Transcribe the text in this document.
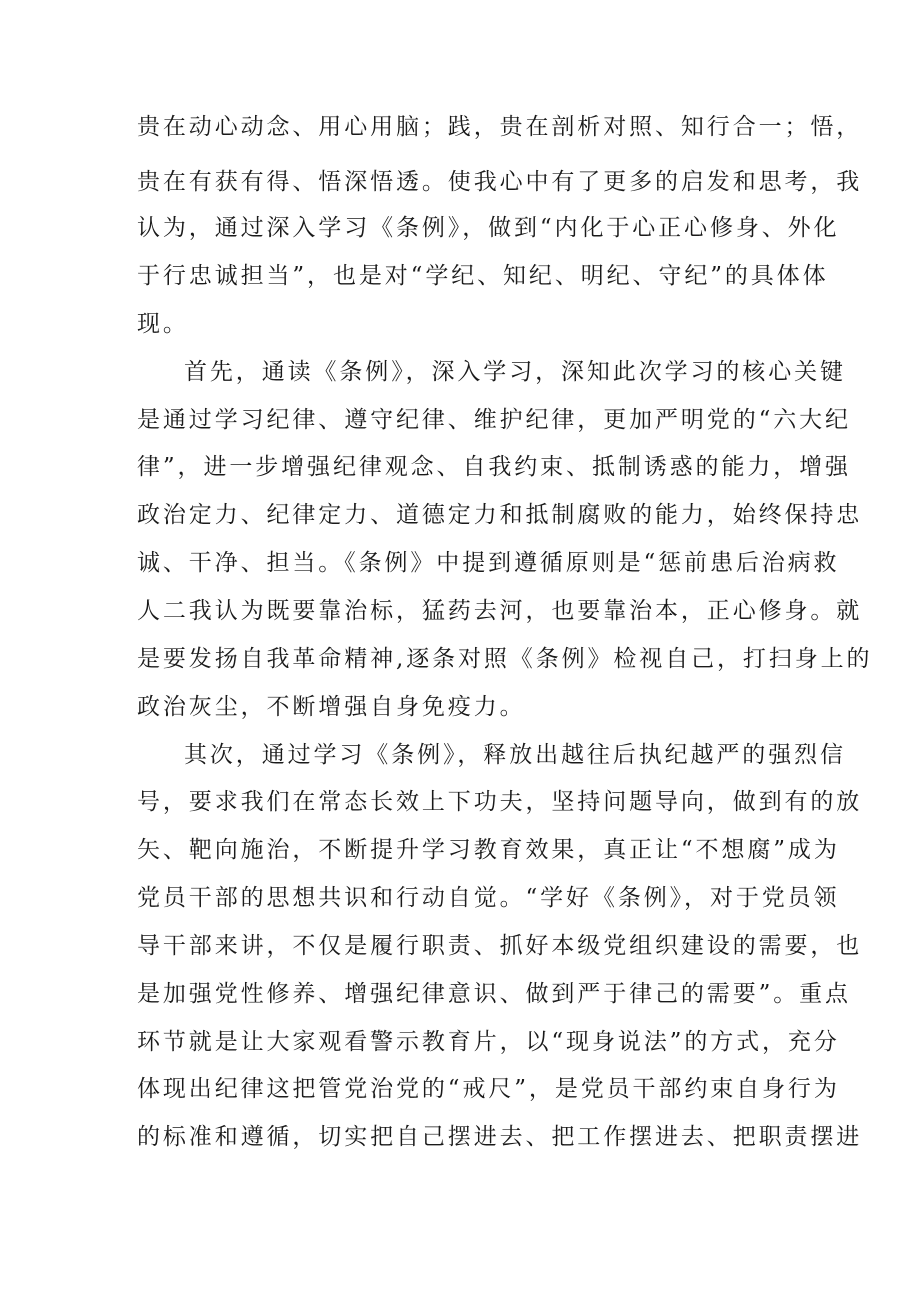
贵在动心动念、用心用脑；践，贵在剖析对照、知行合一；悟，
贵在有获有得、悟深悟透。使我心中有了更多的启发和思考，我
认为，通过深入学习《条例》，做到“内化于心正心修身、外化
于行忠诚担当”，也是对“学纪、知纪、明纪、守纪”的具体体
现。
首先，通读《条例》，深入学习，深知此次学习的核心关键
是通过学习纪律、遵守纪律、维护纪律，更加严明党的“六大纪
律”，进一步增强纪律观念、自我约束、抵制诱惑的能力，增强
政治定力、纪律定力、道德定力和抵制腐败的能力，始终保持忠
诚、干净、担当。《条例》中提到遵循原则是“惩前患后治病救
人二我认为既要靠治标，猛药去河，也要靠治本，正心修身。就
是要发扬自我革命精神,逐条对照《条例》检视自己，打扫身上的
政治灰尘，不断增强自身免疫力。
其次，通过学习《条例》，释放出越往后执纪越严的强烈信
号，要求我们在常态长效上下功夫，坚持问题导向，做到有的放
矢、靶向施治，不断提升学习教育效果，真正让“不想腐”成为
党员干部的思想共识和行动自觉。“学好《条例》，对于党员领
导干部来讲，不仅是履行职责、抓好本级党组织建设的需要，也
是加强党性修养、增强纪律意识、做到严于律己的需要”。重点
环节就是让大家观看警示教育片，以“现身说法”的方式，充分
体现出纪律这把管党治党的“戒尺”，是党员干部约束自身行为
的标准和遵循，切实把自己摆进去、把工作摆进去、把职责摆进
